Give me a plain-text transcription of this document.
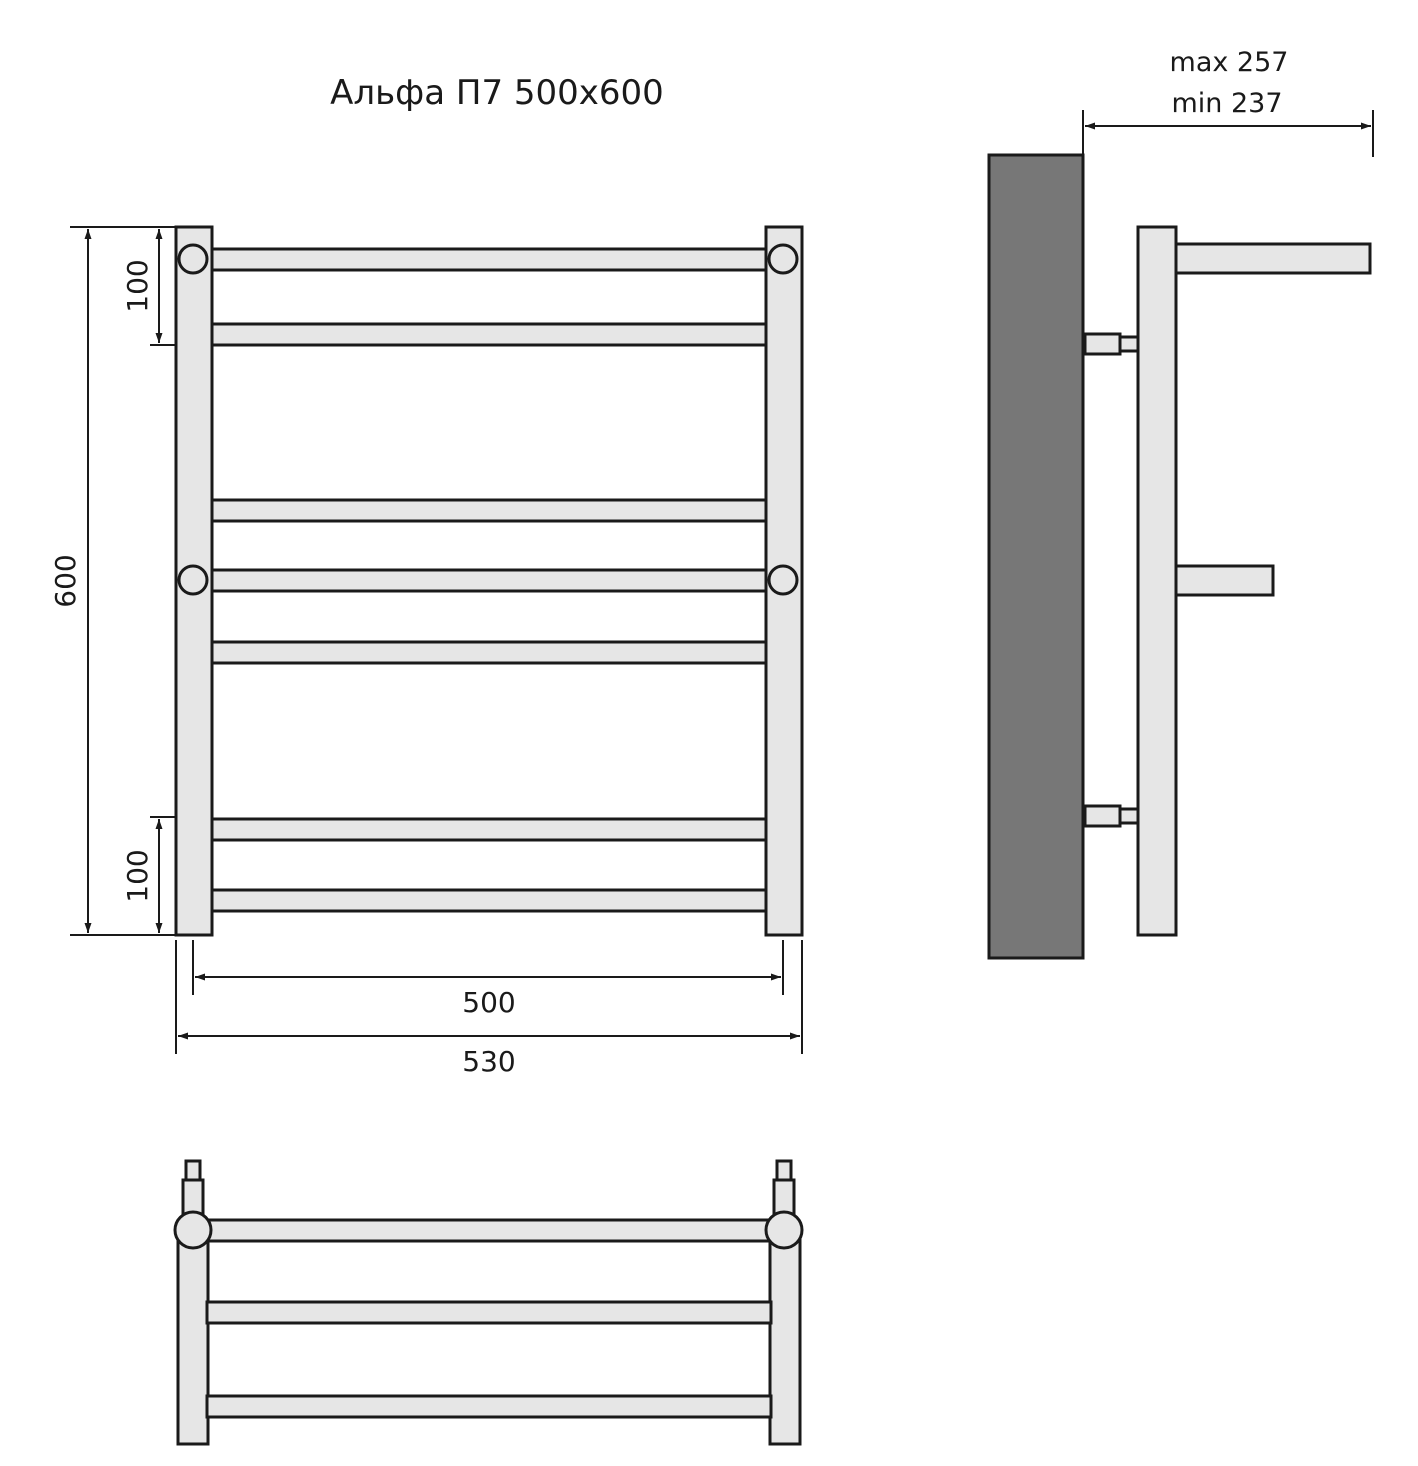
Альфа П7 500х600
600
100
100
500
530
max 257
min 237
